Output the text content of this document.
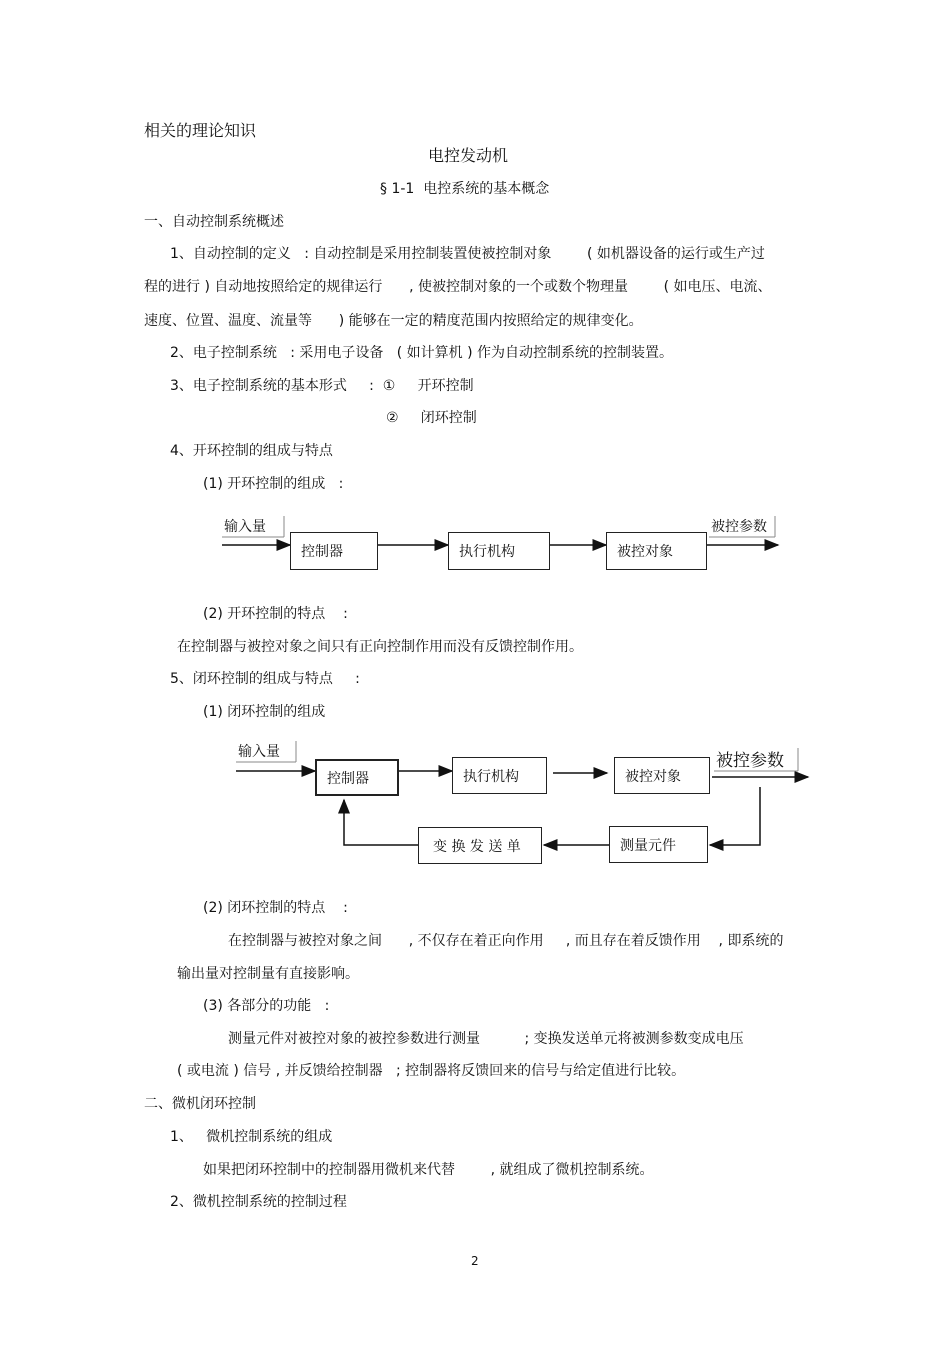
相关的理论知识
电控发动机
§ 1-1  电控系统的基本概念
一、自动控制系统概述
1、自动控制的定义   : 自动控制是采用控制装置使被控制对象        ( 如机器设备的运行或生产过
程的进行 ) 自动地按照给定的规律运行      , 使被控制对象的一个或数个物理量        ( 如电压、电流、
速度、位置、温度、流量等      ) 能够在一定的精度范围内按照给定的规律变化。
2、电子控制系统   : 采用电子设备   ( 如计算机 ) 作为自动控制系统的控制装置。
3、电子控制系统的基本形式     :  ①     开环控制
②     闭环控制
4、开环控制的组成与特点
(1) 开环控制的组成   :
输入量
控制器	执行机构	被控对象
被控参数
(2) 开环控制的特点    :
在控制器与被控对象之间只有正向控制作用而没有反馈控制作用。
5、闭环控制的组成与特点     :
(1) 闭环控制的组成
输入量
控制器	执行机构	被控对象
被控参数
变 换 发 送 单	测量元件
(2) 闭环控制的特点    :
在控制器与被控对象之间      , 不仅存在着正向作用     , 而且存在着反馈作用    , 即系统的
输出量对控制量有直接影响。
(3) 各部分的功能   :
测量元件对被控对象的被控参数进行测量          ; 变换发送单元将被测参数变成电压
( 或电流 ) 信号 , 并反馈给控制器   ; 控制器将反馈回来的信号与给定值进行比较。
二、微机闭环控制
1、   微机控制系统的组成
如果把闭环控制中的控制器用微机来代替        , 就组成了微机控制系统。
2、微机控制系统的控制过程
2
